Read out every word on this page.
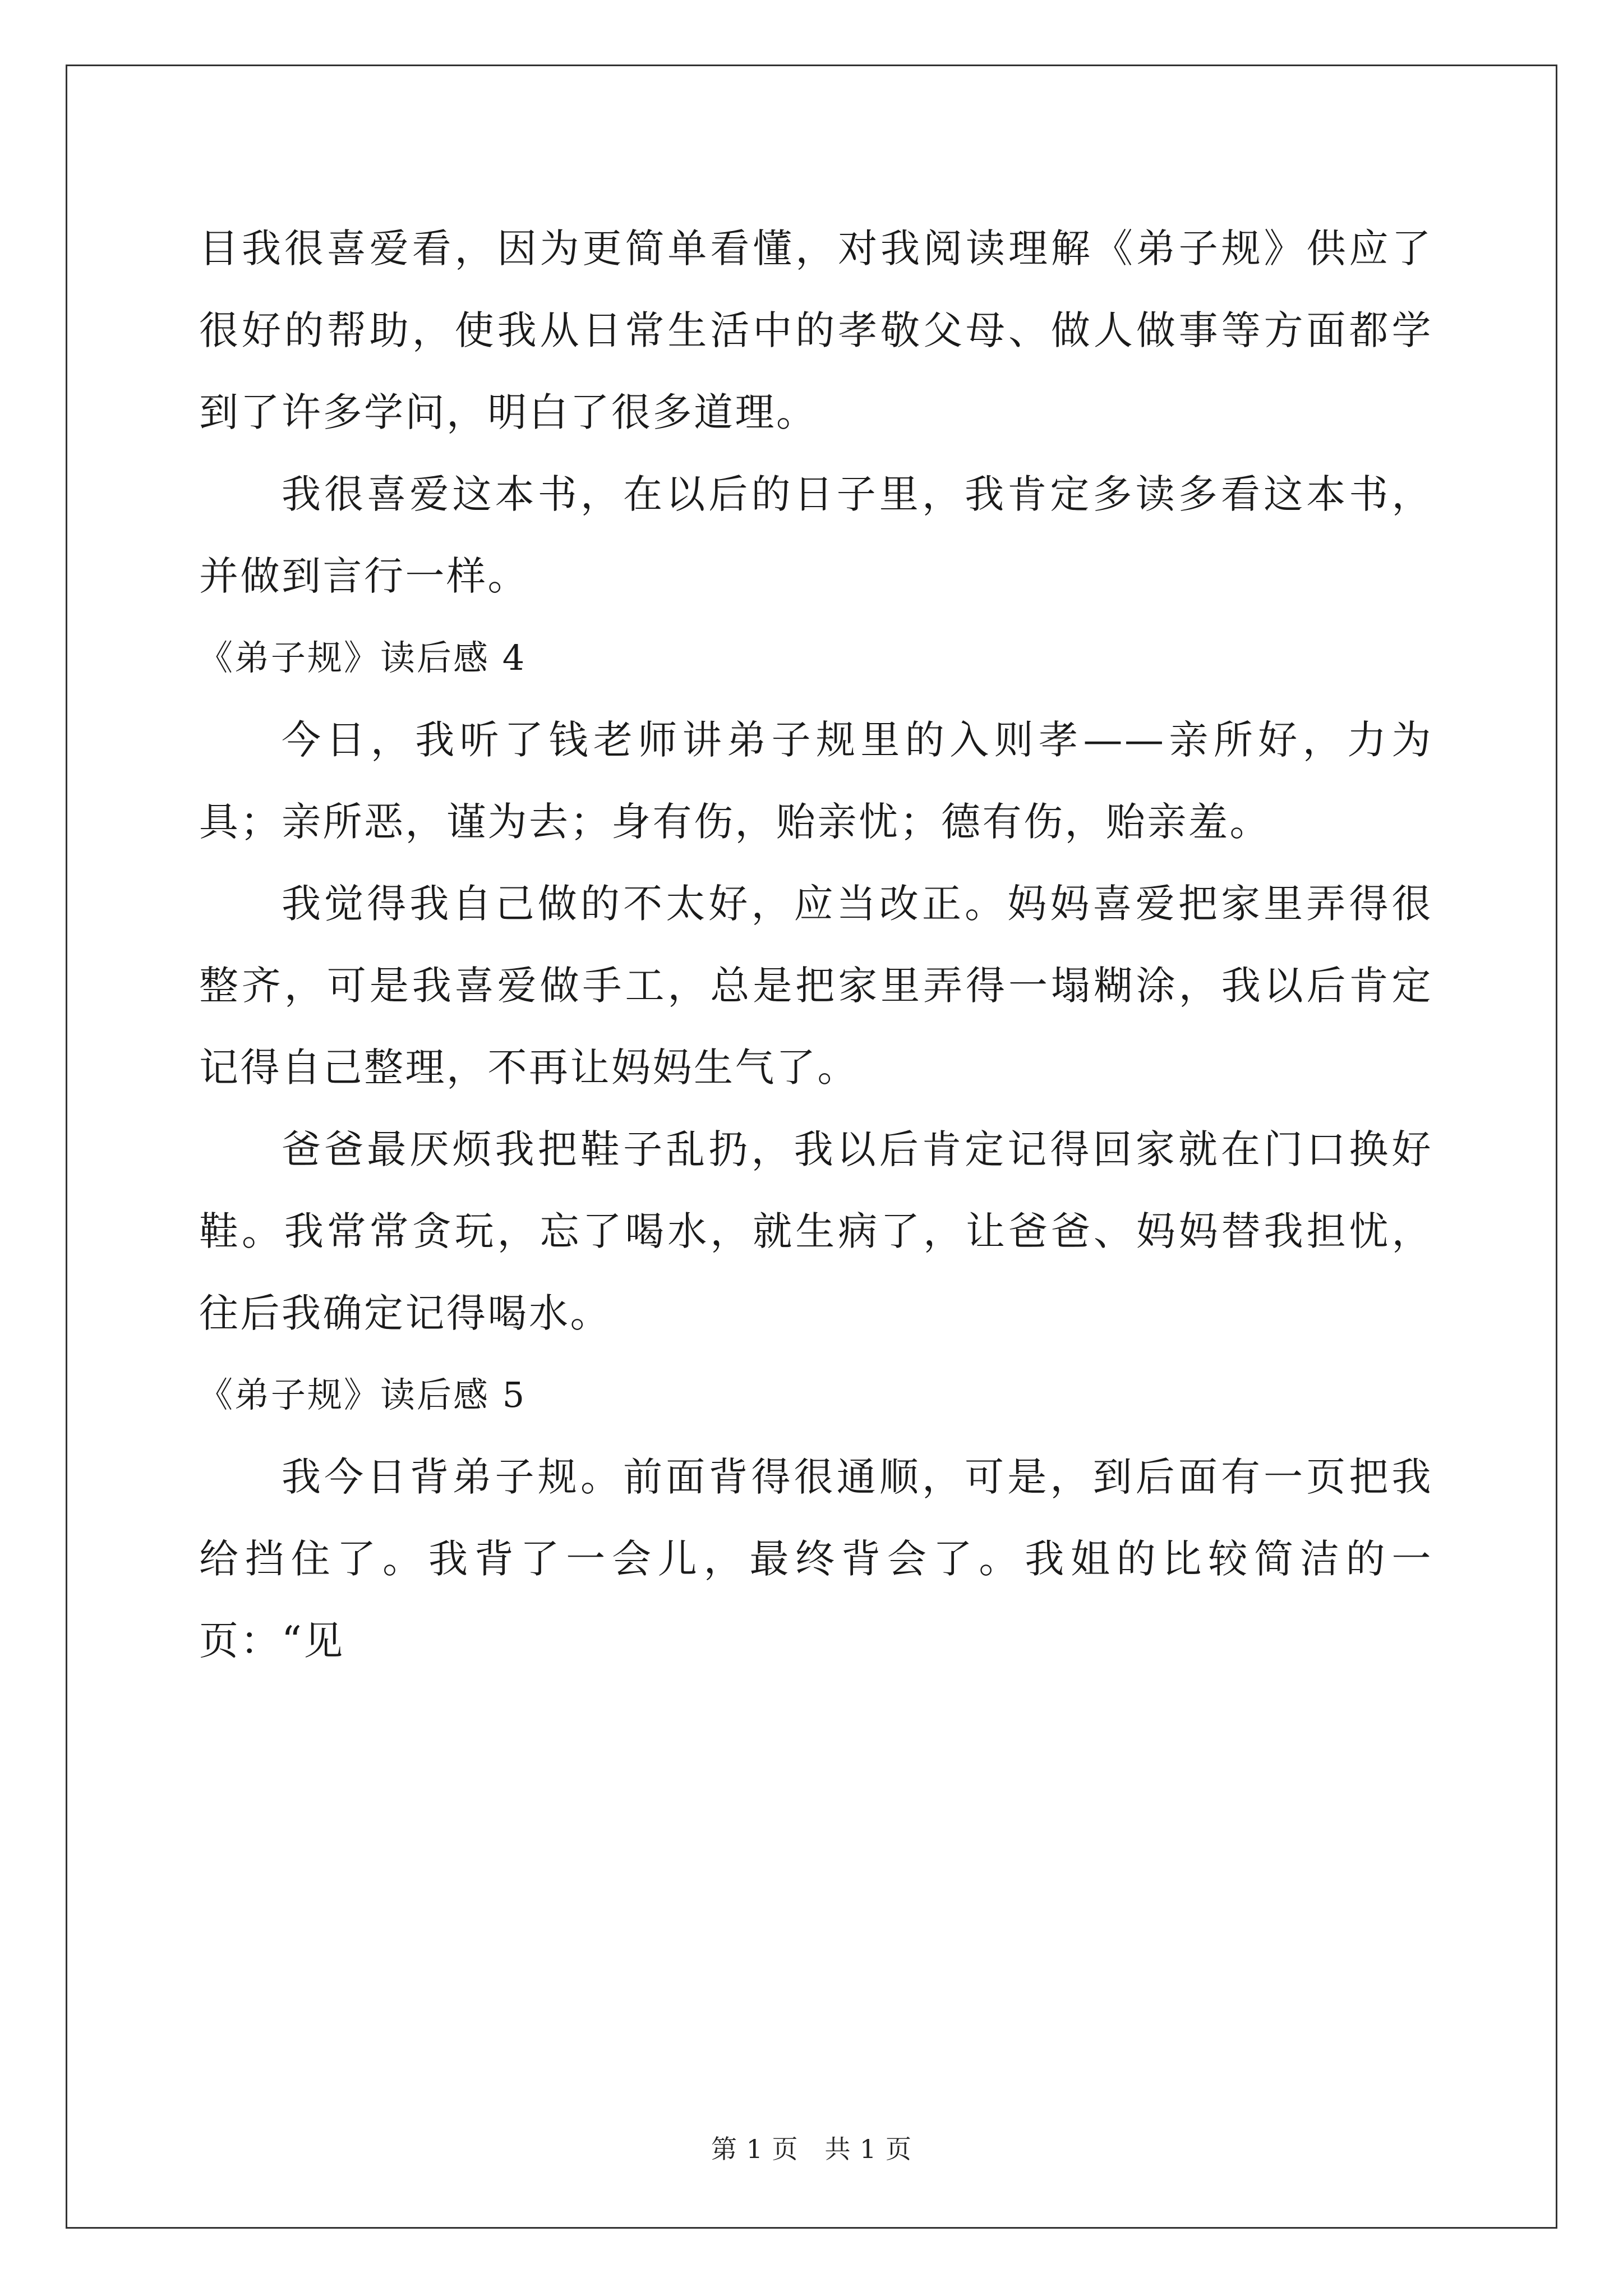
目我很喜爱看，因为更简单看懂，对我阅读理解《弟子规》供应了很好的帮助，使我从日常生活中的孝敬父母、做人做事等方面都学到了许多学问，明白了很多道理。

我很喜爱这本书，在以后的日子里，我肯定多读多看这本书，并做到言行一样。

《弟子规》读后感 4

今日，我听了钱老师讲弟子规里的入则孝——亲所好，力为具；亲所恶，谨为去；身有伤，贻亲忧；德有伤，贻亲羞。

我觉得我自己做的不太好，应当改正。妈妈喜爱把家里弄得很整齐，可是我喜爱做手工，总是把家里弄得一塌糊涂，我以后肯定记得自己整理，不再让妈妈生气了。

爸爸最厌烦我把鞋子乱扔，我以后肯定记得回家就在门口换好鞋。我常常贪玩，忘了喝水，就生病了，让爸爸、妈妈替我担忧，往后我确定记得喝水。

《弟子规》读后感 5

我今日背弟子规。前面背得很通顺，可是，到后面有一页把我给挡住了。我背了一会儿，最终背会了。我姐的比较简洁的一页：“见

第 1 页 共 1 页
